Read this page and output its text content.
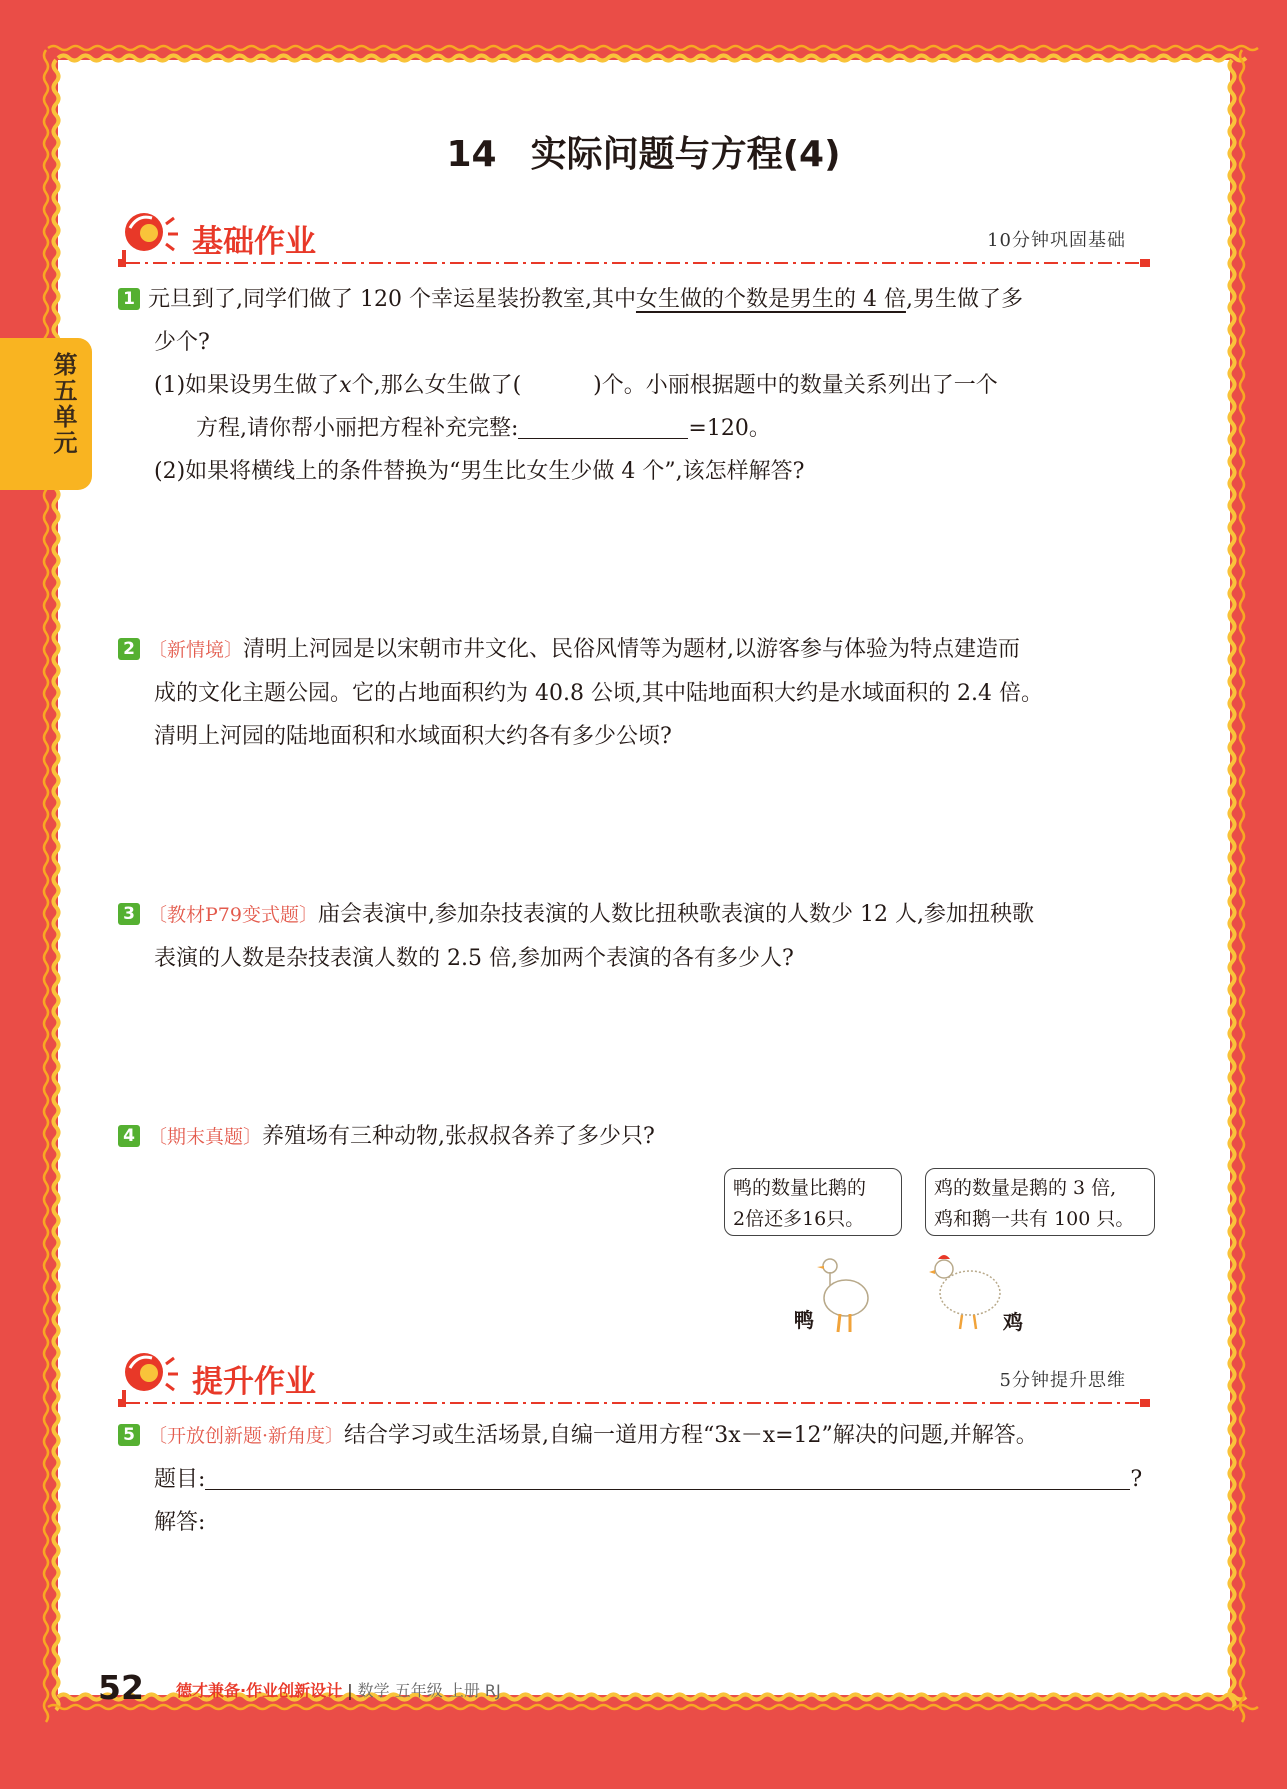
第五单元
14 实际问题与方程(4)
基础作业	10分钟巩固基础
1 元旦到了,同学们做了 120 个幸运星装扮教室,其中女生做的个数是男生的 4 倍,男生做了多
少个?
(1)如果设男生做了x个,那么女生做了(	)个。小丽根据题中的数量关系列出了一个
方程,请你帮小丽把方程补充完整:	=120。
(2)如果将横线上的条件替换为“男生比女生少做 4 个”,该怎样解答?
2 〔新情境〕清明上河园是以宋朝市井文化、民俗风情等为题材,以游客参与体验为特点建造而
成的文化主题公园。它的占地面积约为 40.8 公顷,其中陆地面积大约是水域面积的 2.4 倍。
清明上河园的陆地面积和水域面积大约各有多少公顷?
3 〔教材P79变式题〕庙会表演中,参加杂技表演的人数比扭秧歌表演的人数少 12 人,参加扭秧歌
表演的人数是杂技表演人数的 2.5 倍,参加两个表演的各有多少人?
4 〔期末真题〕养殖场有三种动物,张叔叔各养了多少只?
鸭的数量比鹅的
2倍还多16只。
鸡的数量是鹅的 3 倍,
鸡和鹅一共有 100 只。
鸭	鸡
提升作业	5分钟提升思维
5 〔开放创新题·新角度〕结合学习或生活场景,自编一道用方程“3x－x=12”解决的问题,并解答。
题目:	?
解答:
52 德才兼备·作业创新设计 | 数学 五年级 上册 RJ
